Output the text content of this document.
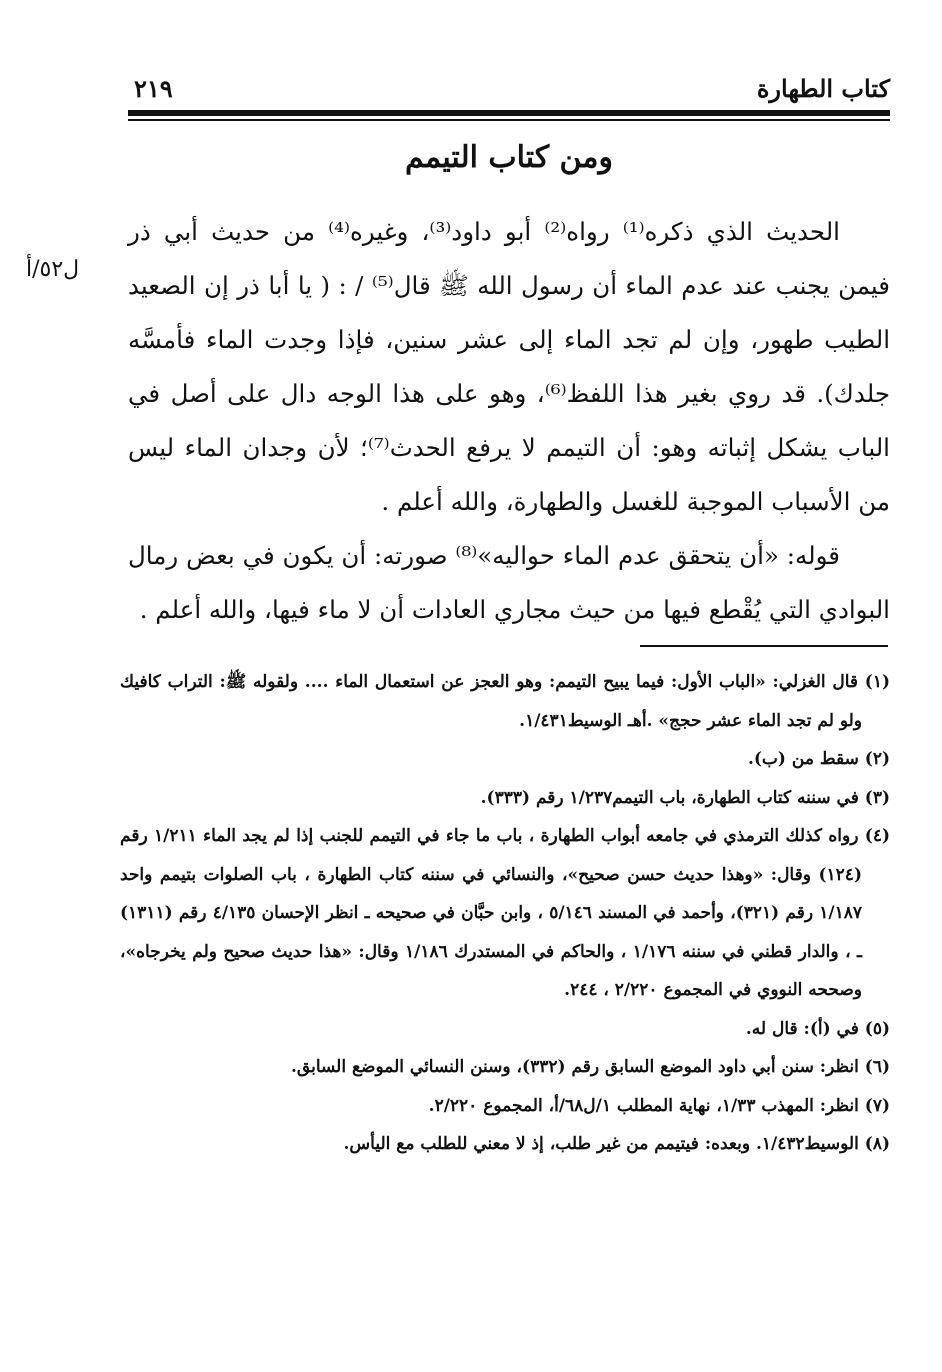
كتاب الطهارة
٢١٩
ومن كتاب التيمم
ل٥٢/أ

الحديث الذي ذكره⁽¹⁾ رواه⁽²⁾ أبو داود⁽³⁾، وغيره⁽⁴⁾ من حديث أبي ذر فيمن يجنب عند عدم الماء أن رسول الله ﷺ قال⁽⁵⁾ / : ( يا أبا ذر إن الصعيد الطيب طهور، وإن لم تجد الماء إلى عشر سنين، فإذا وجدت الماء فأمسَّه جلدك). قد روي بغير هذا اللفظ⁽⁶⁾، وهو على هذا الوجه دال على أصل في الباب يشكل إثباته وهو: أن التيمم لا يرفع الحدث⁽⁷⁾؛ لأن وجدان الماء ليس من الأسباب الموجبة للغسل والطهارة، والله أعلم .

قوله: «أن يتحقق عدم الماء حواليه»⁽⁸⁾ صورته: أن يكون في بعض رمال البوادي التي يُقْطع فيها من حيث مجاري العادات أن لا ماء فيها، والله أعلم .

(١) قال الغزلي: «الباب الأول: فيما يبيح التيمم: وهو العجز عن استعمال الماء .... ولقوله ﷺ: التراب كافيك ولو لم تجد الماء عشر حجج» .أهـ الوسيط١/٤٣١.

(٢) سقط من (ب).

(٣) في سننه كتاب الطهارة، باب التيمم١/٢٣٧ رقم (٣٣٣).

(٤) رواه كذلك الترمذي في جامعه أبواب الطهارة ، باب ما جاء في التيمم للجنب إذا لم يجد الماء ١/٢١١ رقم (١٢٤) وقال: «وهذا حديث حسن صحيح»، والنسائي في سننه كتاب الطهارة ، باب الصلوات بتيمم واحد ١/١٨٧ رقم (٣٢١)، وأحمد في المسند ٥/١٤٦ ، وابن حبَّان في صحيحه ـ انظر الإحسان ٤/١٣٥ رقم (١٣١١) ـ ، والدار قطني في سننه ١/١٧٦ ، والحاكم في المستدرك ١/١٨٦ وقال: «هذا حديث صحيح ولم يخرجاه»، وصححه النووي في المجموع ٢/٢٢٠ ، ٢٤٤.

(٥) في (أ): قال له.

(٦) انظر: سنن أبي داود الموضع السابق رقم (٣٣٢)، وسنن النسائي الموضع السابق.

(٧) انظر: المهذب ١/٣٣، نهاية المطلب ١/ل٦٨/أ، المجموع ٢/٢٢٠.

(٨) الوسيط١/٤٣٢. وبعده: فيتيمم من غير طلب، إذ لا معني للطلب مع اليأس.
